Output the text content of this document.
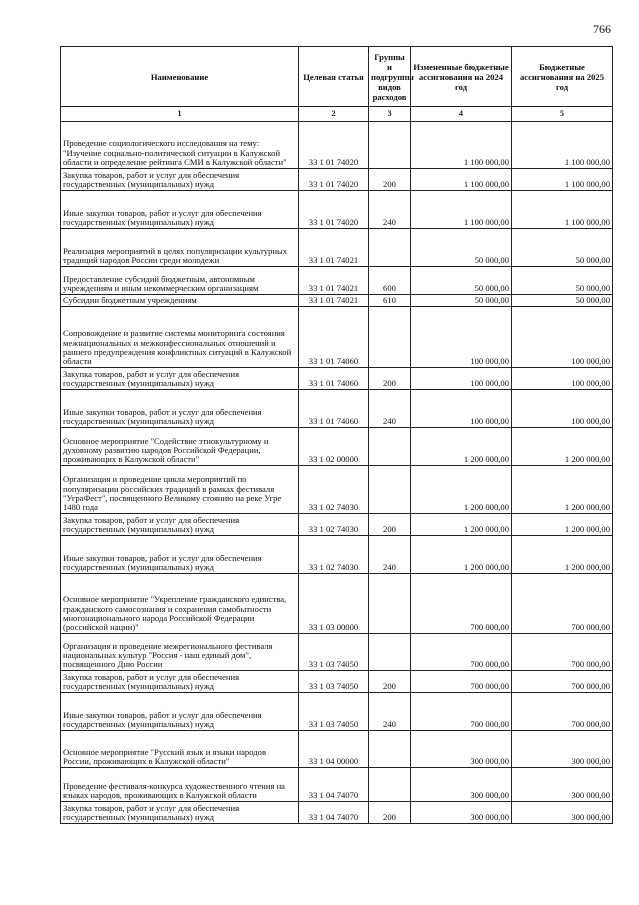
766
Наименование	Целевая статья	Группы и подгруппы видов расходов	Измененные бюджетные ассигнования на 2024 год	Бюджетные ассигнования на 2025 год
1	2	3	4	5
Проведение социологического исследования на тему: "Изучение социально-политической ситуации в Калужской области и определение рейтинга СМИ в Калужской области"	33 1 01 74020		1 100 000,00	1 100 000,00
Закупка товаров, работ и услуг для обеспечения государственных (муниципальных) нужд	33 1 01 74020	200	1 100 000,00	1 100 000,00
Иные закупки товаров, работ и услуг для обеспечения государственных (муниципальных) нужд	33 1 01 74020	240	1 100 000,00	1 100 000,00
Реализация мероприятий в целях популяризации культурных традиций народов России среди молодежи	33 1 01 74021		50 000,00	50 000,00
Предоставление субсидий бюджетным, автономным учреждениям и иным некоммерческим организациям	33 1 01 74021	600	50 000,00	50 000,00
Субсидии бюджетным учреждениям	33 1 01 74021	610	50 000,00	50 000,00
Сопровождение и развитие системы мониторинга состояния межнациональных и межконфессиональных отношений и раннего предупреждения конфликтных ситуаций в Калужской области	33 1 01 74060		100 000,00	100 000,00
Закупка товаров, работ и услуг для обеспечения государственных (муниципальных) нужд	33 1 01 74060	200	100 000,00	100 000,00
Иные закупки товаров, работ и услуг для обеспечения государственных (муниципальных) нужд	33 1 01 74060	240	100 000,00	100 000,00
Основное мероприятие "Содействие этнокультурному и духовному развитию народов Российской Федерации, проживающих в Калужской области"	33 1 02 00000		1 200 000,00	1 200 000,00
Организация и проведение цикла мероприятий по популяризации российских традиций в рамках фестиваля "УграФест", посвященного Великому стоянию на реке Угре 1480 года	33 1 02 74030		1 200 000,00	1 200 000,00
Закупка товаров, работ и услуг для обеспечения государственных (муниципальных) нужд	33 1 02 74030	200	1 200 000,00	1 200 000,00
Иные закупки товаров, работ и услуг для обеспечения государственных (муниципальных) нужд	33 1 02 74030	240	1 200 000,00	1 200 000,00
Основное мероприятие "Укрепление гражданского единства, гражданского самосознания и сохранения самобытности многонационального народа Российской Федерации (российской нации)"	33 1 03 00000		700 000,00	700 000,00
Организация и проведение межрегионального фестиваля национальных культур "Россия - наш единый дом", посвященного Дню России	33 1 03 74050		700 000,00	700 000,00
Закупка товаров, работ и услуг для обеспечения государственных (муниципальных) нужд	33 1 03 74050	200	700 000,00	700 000,00
Иные закупки товаров, работ и услуг для обеспечения государственных (муниципальных) нужд	33 1 03 74050	240	700 000,00	700 000,00
Основное мероприятие "Русский язык и языки народов России, проживающих в Калужской области"	33 1 04 00000		300 000,00	300 000,00
Проведение фестиваля-конкурса художественного чтения на языках народов, проживающих в Калужской области	33 1 04 74070		300 000,00	300 000,00
Закупка товаров, работ и услуг для обеспечения государственных (муниципальных) нужд	33 1 04 74070	200	300 000,00	300 000,00
